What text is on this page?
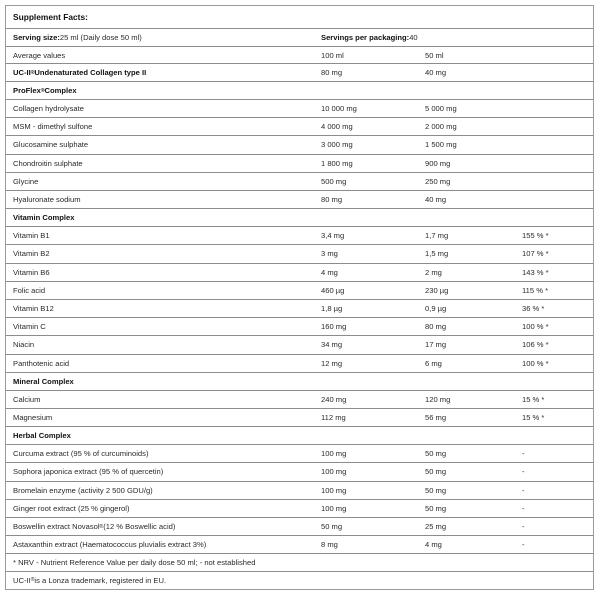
Supplement Facts:
Serving size: 25 ml (Daily dose 50 ml)	Servings per packaging: 40
Average values	100 ml	50 ml
UC-II ® Undenaturated Collagen type II	80 mg	40 mg
ProFlex ® Complex
Collagen hydrolysate	10 000 mg	5 000 mg
MSM - dimethyl sulfone	4 000 mg	2 000 mg
Glucosamine sulphate	3 000 mg	1 500 mg
Chondroitin sulphate	1 800 mg	900 mg
Glycine	500 mg	250 mg
Hyaluronate sodium	80 mg	40 mg
Vitamin Complex
Vitamin B1	3,4 mg	1,7 mg	155 % *
Vitamin B2	3 mg	1,5 mg	107 % *
Vitamin B6	4 mg	2 mg	143 % *
Folic acid	460 µg	230 µg	115 % *
Vitamin B12	1,8 µg	0,9 µg	36 % *
Vitamin C	160 mg	80 mg	100 % *
Niacin	34 mg	17 mg	106 % *
Panthotenic acid	12 mg	6 mg	100 % *
Mineral Complex
Calcium	240 mg	120 mg	15 % *
Magnesium	112 mg	56 mg	15 % *
Herbal Complex
Curcuma extract (95 % of curcuminoids)	100 mg	50 mg	-
Sophora japonica extract (95 % of quercetin)	100 mg	50 mg	-
Bromelain enzyme (activity 2 500 GDU/g)	100 mg	50 mg	-
Ginger root extract (25 % gingerol)	100 mg	50 mg	-
Boswellin extract Novasol ® (12 % Boswellic acid)	50 mg	25 mg	-
Astaxanthin extract (Haematococcus pluvialis extract 3%)	8 mg	4 mg	-
* NRV - Nutrient Reference Value per daily dose 50 ml; - not established
UC-II ® is a Lonza trademark, registered in EU.
